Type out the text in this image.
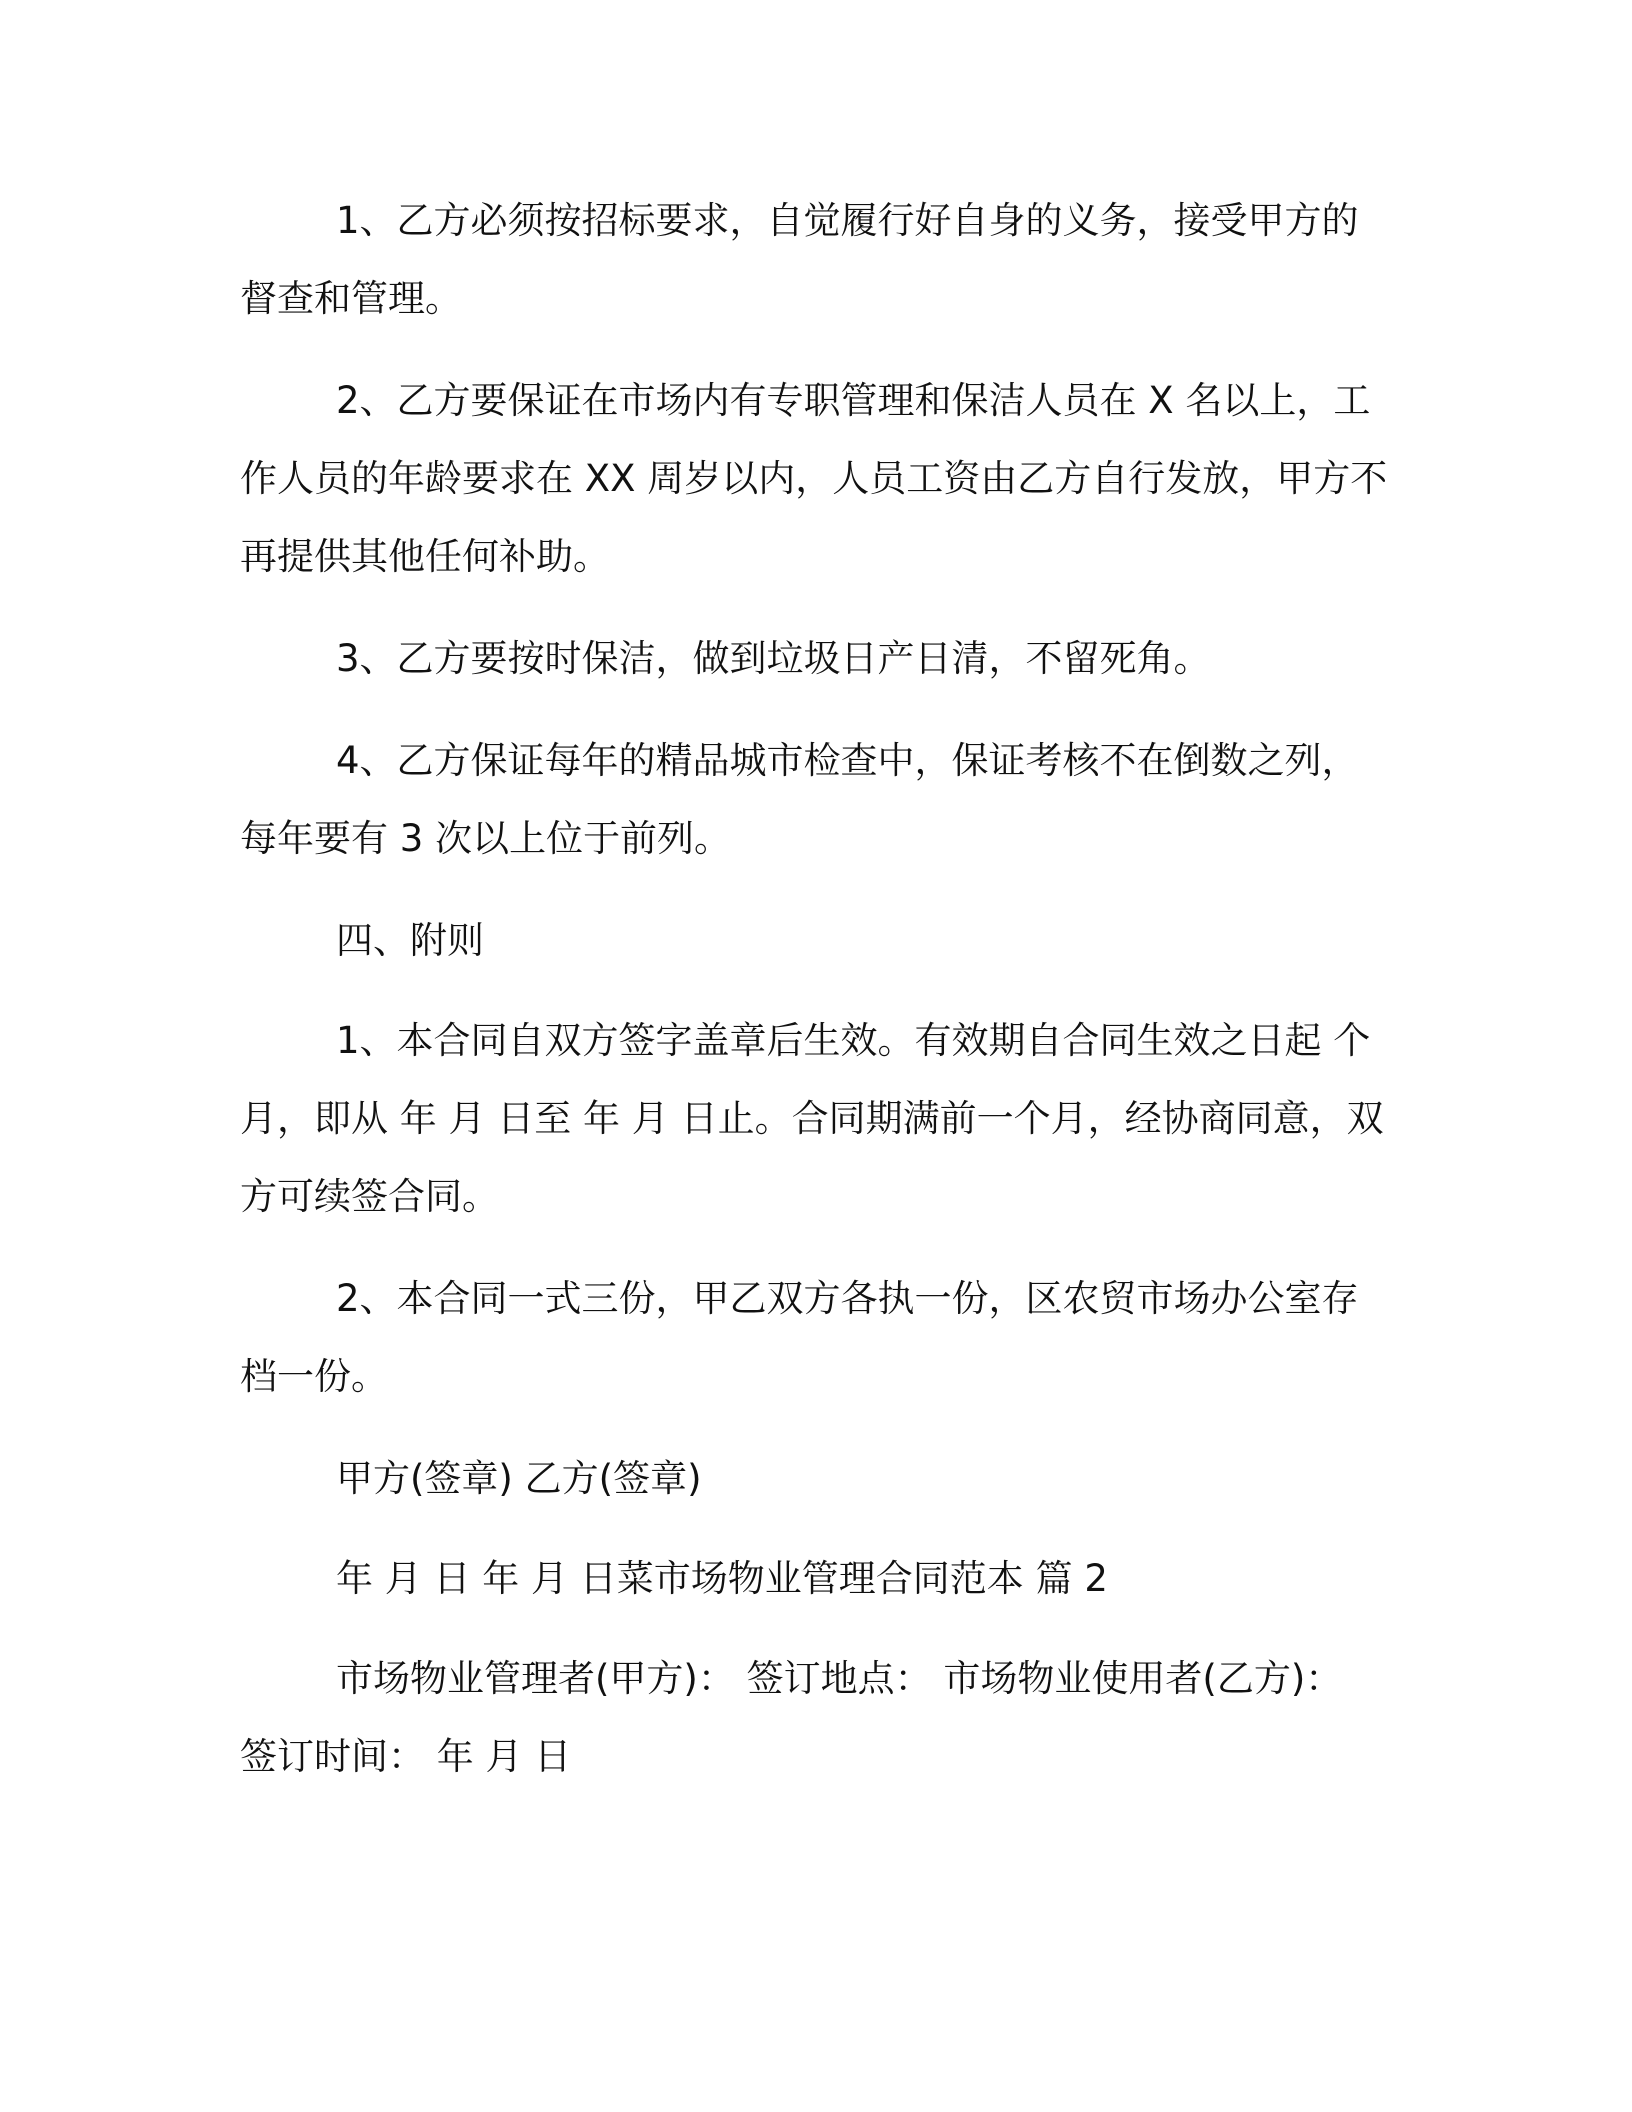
1、乙方必须按招标要求，自觉履行好自身的义务，接受甲方的督查和管理。

2、乙方要保证在市场内有专职管理和保洁人员在 X 名以上，工作人员的年龄要求在 XX 周岁以内，人员工资由乙方自行发放，甲方不再提供其他任何补助。

3、乙方要按时保洁，做到垃圾日产日清，不留死角。

4、乙方保证每年的精品城市检查中，保证考核不在倒数之列，每年要有 3 次以上位于前列。

四、附则

1、本合同自双方签字盖章后生效。有效期自合同生效之日起 个月，即从 年 月 日至 年 月 日止。合同期满前一个月，经协商同意，双方可续签合同。

2、本合同一式三份，甲乙双方各执一份，区农贸市场办公室存档一份。

甲方(签章) 乙方(签章)

年 月 日 年 月 日菜市场物业管理合同范本 篇 2

市场物业管理者(甲方)： 签订地点： 市场物业使用者(乙方)： 签订时间： 年 月 日
